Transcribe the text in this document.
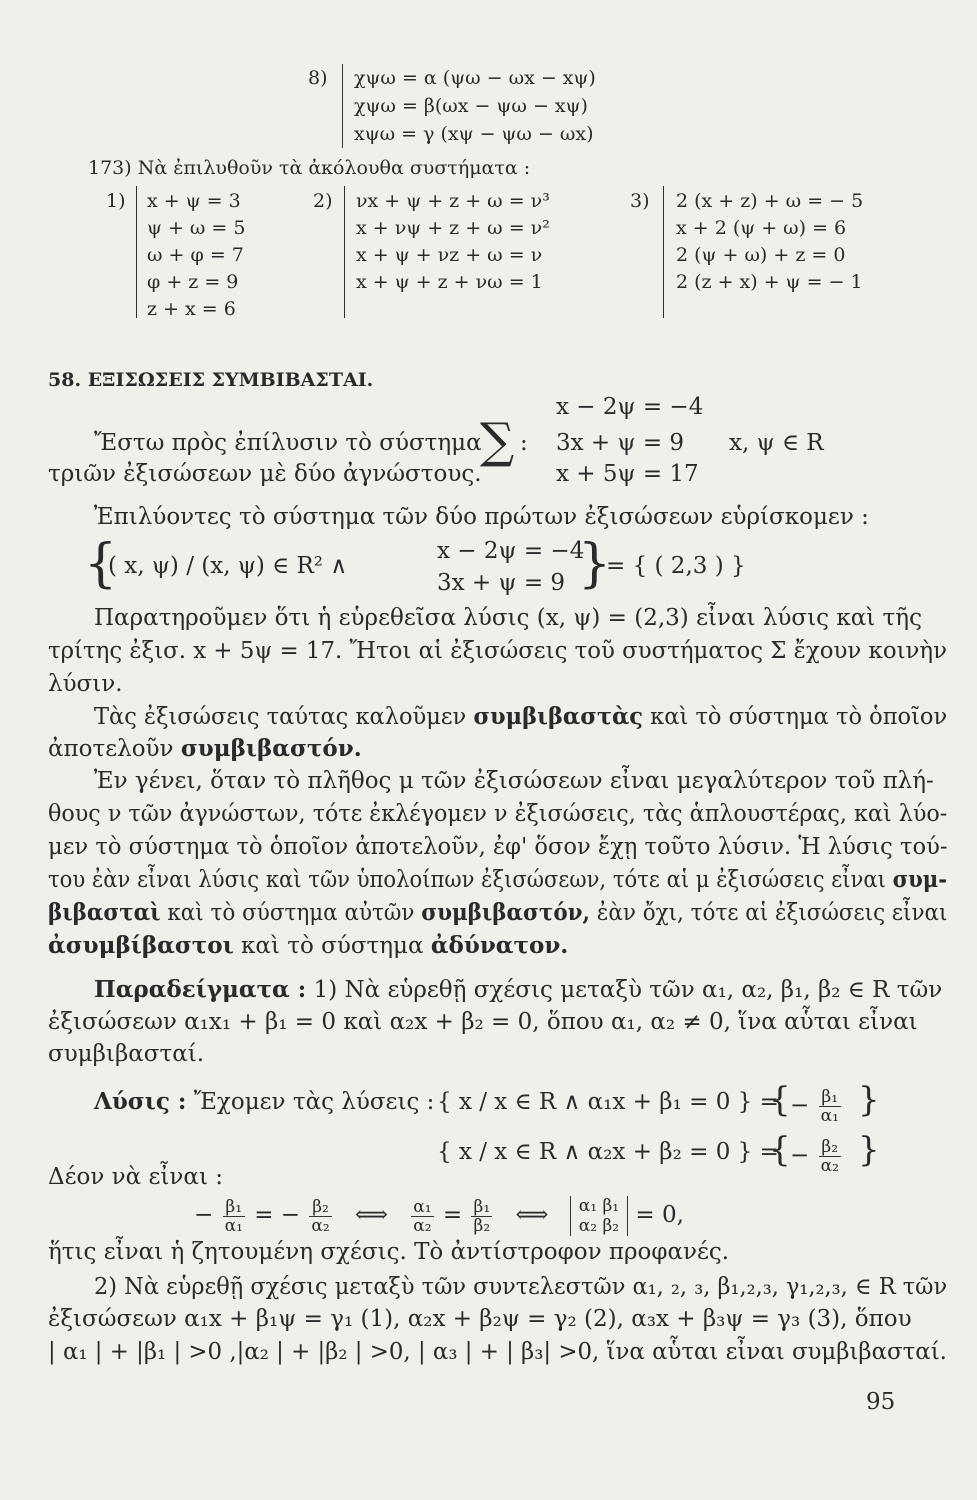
8) χψω = α (ψω − ωx − xψ)
χψω = β(ωx − ψω − xψ)
xψω = γ (xψ − ψω − ωx)
173) Νὰ ἐπιλυθοῦν τὰ ἀκόλουθα συστήματα :
1) x + ψ = 3
ψ + ω = 5
ω + φ = 7
φ + z = 9
z + x = 6
2) νx + ψ + z + ω = ν³
x + νψ + z + ω = ν²
x + ψ + νz + ω = ν
x + ψ + z + νω = 1
3) 2 (x + z) + ω = − 5
x + 2 (ψ + ω) = 6
2 (ψ + ω) + z = 0
2 (z + x) + ψ = − 1
58. ΕΞΙΣΩΣΕΙΣ ΣΥΜΒΙΒΑΣΤΑΙ.
x − 2ψ = −4
Ἔστω πρὸς ἐπίλυσιν τὸ σύστημα
∑ : 3x + ψ = 9 x, ψ ∈ R
τριῶν ἐξισώσεων μὲ δύο ἀγνώστους.	x + 5ψ = 17
Ἐπιλύοντες τὸ σύστημα τῶν δύο πρώτων ἐξισώσεων εὑρίσκομεν :
{
( x, ψ) / (x, ψ) ∈ R² ∧
x − 2ψ = −4
3x + ψ = 9 }
= { ( 2,3 ) }
Παρατηροῦμεν ὅτι ἡ εὑρεθεῖσα λύσις (x, ψ) = (2,3) εἶναι λύσις καὶ τῆς
τρίτης ἐξισ. x + 5ψ = 17. Ἤτοι αἱ ἐξισώσεις τοῦ συστήματος Σ ἔχουν κοινὴν
λύσιν.
Τὰς ἐξισώσεις ταύτας καλοῦμεν συμβιβαστὰς καὶ τὸ σύστημα τὸ ὁποῖον
ἀποτελοῦν συμβιβαστόν.
Ἐν γένει, ὅταν τὸ πλῆθος μ τῶν ἐξισώσεων εἶναι μεγαλύτερον τοῦ πλή-
θους ν τῶν ἀγνώστων, τότε ἐκλέγομεν ν ἐξισώσεις, τὰς ἁπλουστέρας, καὶ λύο-
μεν τὸ σύστημα τὸ ὁποῖον ἀποτελοῦν, ἐφ' ὅσον ἔχῃ τοῦτο λύσιν. Ἡ λύσις τού-
του ἐὰν εἶναι λύσις καὶ τῶν ὑπολοίπων ἐξισώσεων, τότε αἱ μ ἐξισώσεις εἶναι συμ-
βιβασταὶ καὶ τὸ σύστημα αὐτῶν συμβιβαστόν, ἐὰν ὄχι, τότε αἱ ἐξισώσεις εἶναι
ἀσυμβίβαστοι καὶ τὸ σύστημα ἀδύνατον.
Παραδείγματα : 1) Νὰ εὑρεθῇ σχέσις μεταξὺ τῶν α₁, α₂, β₁, β₂ ∈ R τῶν
ἐξισώσεων α₁x₁ + β₁ = 0 καὶ α₂x + β₂ = 0, ὅπου α₁, α₂ ≠ 0, ἵνα αὗται εἶναι
συμβιβασταί.
Λύσις : Ἔχομεν τὰς λύσεις : { x / x ∈ R ∧ α₁x + β₁ = 0 } =
{ − $\frac{\text{β₁}}{\text{α₁}}$ }
{ x / x ∈ R ∧ α₂x + β₂ = 0 } =
{ − $\frac{\text{β₂}}{\text{α₂}}$ }
Δέον νὰ εἶναι :
− $\frac{\text{β₁}}{\text{α₁}}$ = − $\frac{\text{β₂}}{\text{α₂}}$ ⟺ $\frac{\text{α₁}}{\text{α₂}} = \frac{\text{β₁}}{\text{β₂}}$ ⟺ α₁ β₁
α₂ β₂ = 0,
ἥτις εἶναι ἡ ζητουμένη σχέσις. Τὸ ἀντίστροφον προφανές.
2) Νὰ εὑρεθῇ σχέσις μεταξὺ τῶν συντελεστῶν α₁, ₂, ₃, β₁,₂,₃, γ₁,₂,₃, ∈ R τῶν
ἐξισώσεων α₁x + β₁ψ = γ₁ (1), α₂x + β₂ψ = γ₂ (2), α₃x + β₃ψ = γ₃ (3), ὅπου
| α₁ | + |β₁ | >0 ,|α₂ | + |β₂ | >0, | α₃ | + | β₃| >0, ἵνα αὗται εἶναι συμβιβασταί.
95
